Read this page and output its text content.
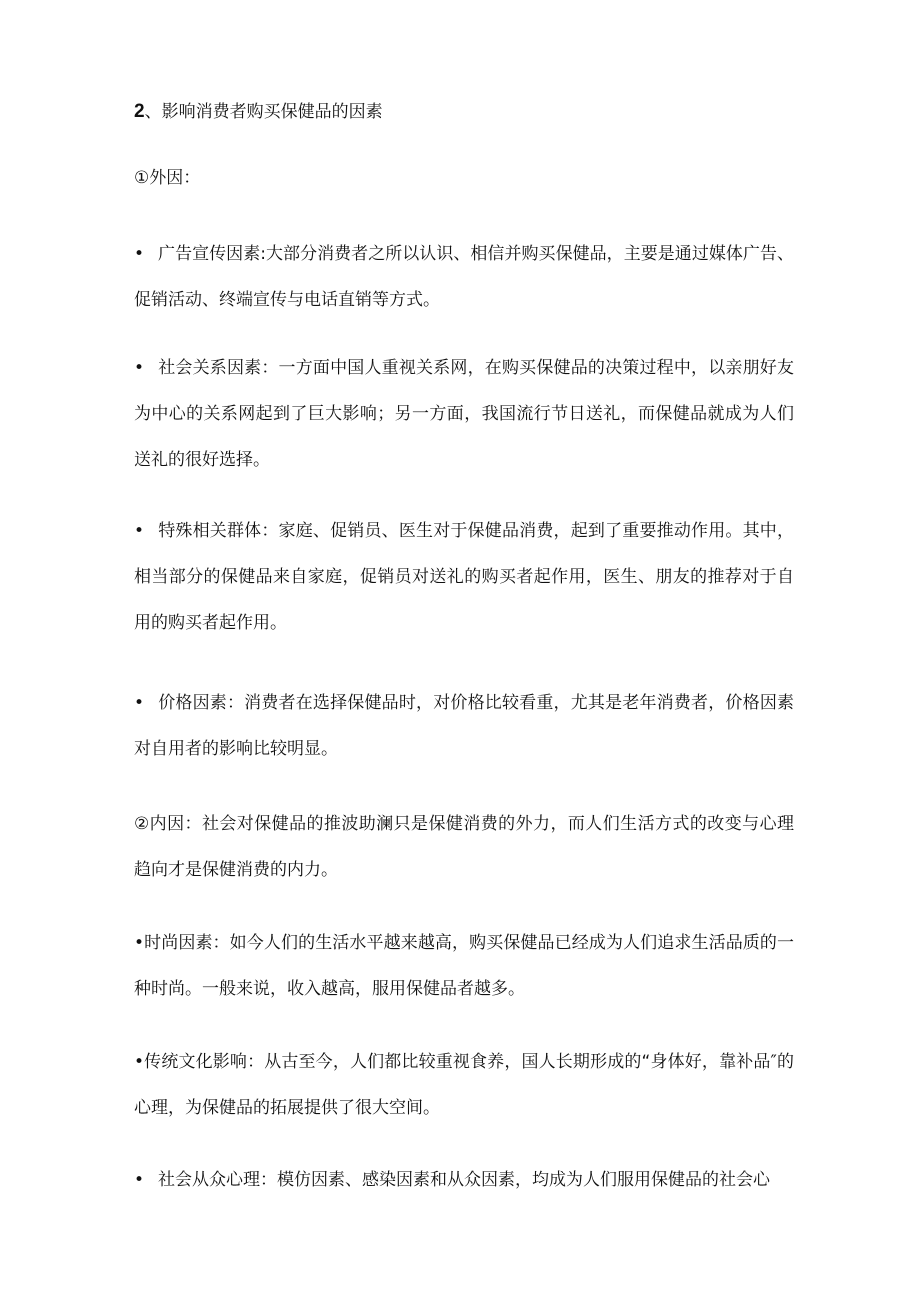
2、影响消费者购买保健品的因素
①外因：
• 广告宣传因素:大部分消费者之所以认识、相信并购买保健品，主要是通过媒体广告、促销活动、终端宣传与电话直销等方式。
• 社会关系因素：一方面中国人重视关系网，在购买保健品的决策过程中，以亲朋好友为中心的关系网起到了巨大影响；另一方面，我国流行节日送礼，而保健品就成为人们送礼的很好选择。
• 特殊相关群体：家庭、促销员、医生对于保健品消费，起到了重要推动作用。其中，相当部分的保健品来自家庭，促销员对送礼的购买者起作用，医生、朋友的推荐对于自用的购买者起作用。
• 价格因素：消费者在选择保健品时，对价格比较看重，尤其是老年消费者，价格因素对自用者的影响比较明显。
②内因：社会对保健品的推波助澜只是保健消费的外力，而人们生活方式的改变与心理趋向才是保健消费的内力。
•时尚因素：如今人们的生活水平越来越高，购买保健品已经成为人们追求生活品质的一种时尚。一般来说，收入越高，服用保健品者越多。
•传统文化影响：从古至今，人们都比较重视食养，国人长期形成的“身体好，靠补品″的心理，为保健品的拓展提供了很大空间。
• 社会从众心理：模仿因素、感染因素和从众因素，均成为人们服用保健品的社会心
